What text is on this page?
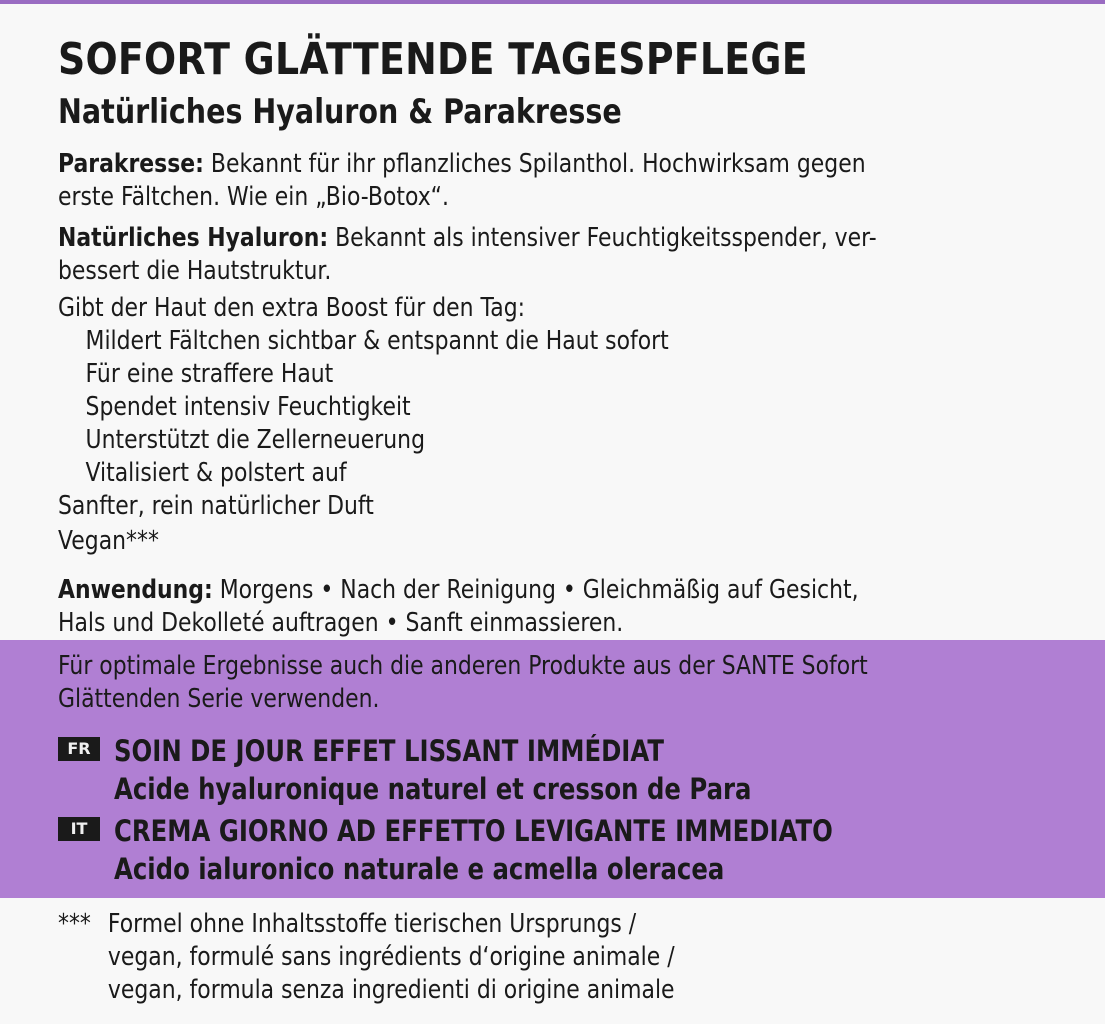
SOFORT GLÄTTENDE TAGESPFLEGE
Natürliches Hyaluron & Parakresse
Parakresse: Bekannt für ihr pflanzliches Spilanthol. Hochwirksam gegen
erste Fältchen. Wie ein „Bio-Botox“.
Natürliches Hyaluron: Bekannt als intensiver Feuchtigkeitsspender, ver-
bessert die Hautstruktur.
Gibt der Haut den extra Boost für den Tag:
Mildert Fältchen sichtbar & entspannt die Haut sofort
Für eine straffere Haut
Spendet intensiv Feuchtigkeit
Unterstützt die Zellerneuerung
Vitalisiert & polstert auf
Sanfter, rein natürlicher Duft
Vegan***
Anwendung: Morgens • Nach der Reinigung • Gleichmäßig auf Gesicht,
Hals und Dekolleté auftragen • Sanft einmassieren.
Für optimale Ergebnisse auch die anderen Produkte aus der SANTE Sofort
Glättenden Serie verwenden.
FR SOIN DE JOUR EFFET LISSANT IMMÉDIAT
Acide hyaluronique naturel et cresson de Para
IT CREMA GIORNO AD EFFETTO LEVIGANTE IMMEDIATO
Acido ialuronico naturale e acmella oleracea
*** Formel ohne Inhaltsstoffe tierischen Ursprungs /
vegan, formulé sans ingrédients d‘origine animale /
vegan, formula senza ingredienti di origine animale
